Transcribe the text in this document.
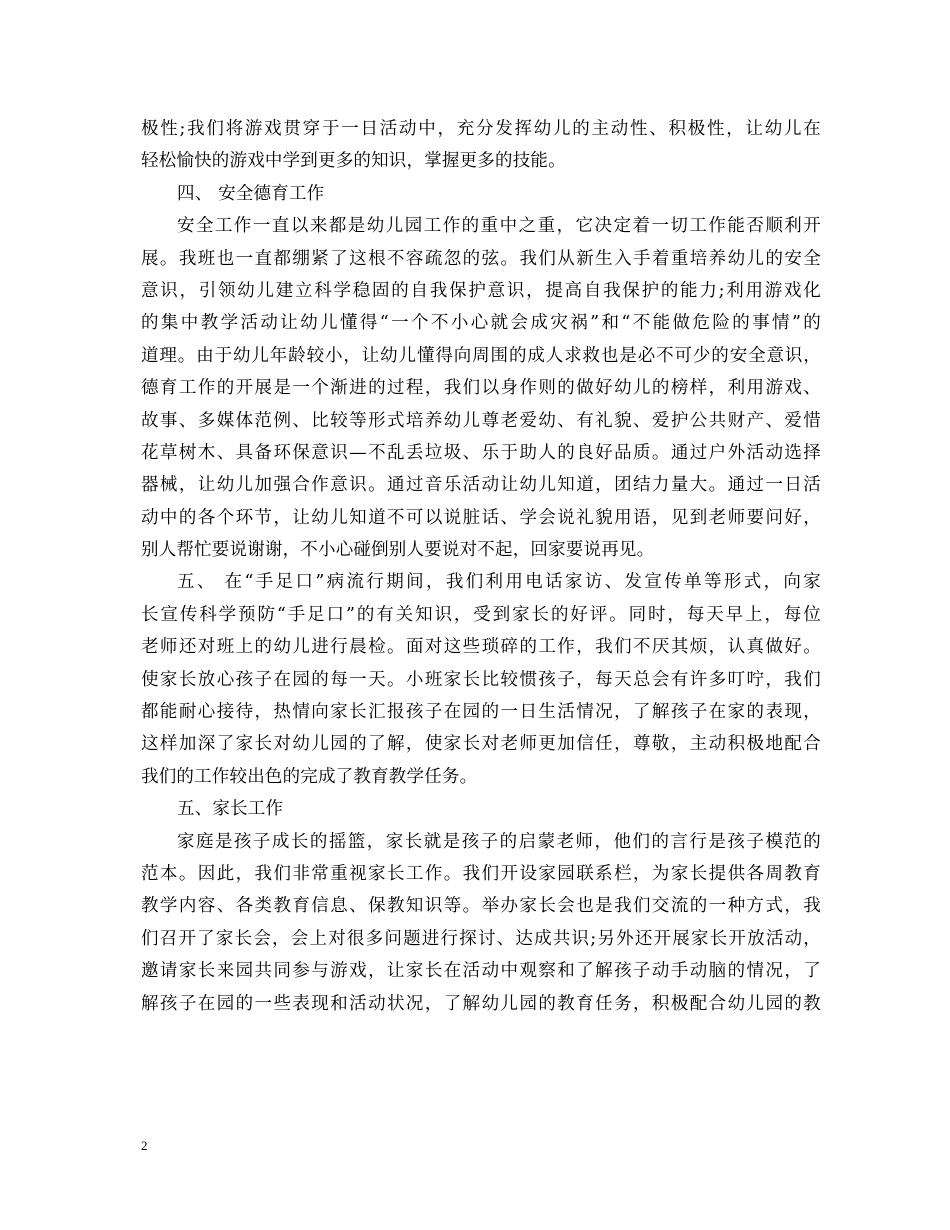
极性;我们将游戏贯穿于一日活动中，充分发挥幼儿的主动性、积极性，让幼儿在
轻松愉快的游戏中学到更多的知识，掌握更多的技能。
四、 安全德育工作
安全工作一直以来都是幼儿园工作的重中之重，它决定着一切工作能否顺利开
展。我班也一直都绷紧了这根不容疏忽的弦。我们从新生入手着重培养幼儿的安全
意识，引领幼儿建立科学稳固的自我保护意识，提高自我保护的能力;利用游戏化
的集中教学活动让幼儿懂得“一个不小心就会成灾祸”和“不能做危险的事情”的
道理。由于幼儿年龄较小，让幼儿懂得向周围的成人求救也是必不可少的安全意识，
德育工作的开展是一个渐进的过程，我们以身作则的做好幼儿的榜样，利用游戏、
故事、多媒体范例、比较等形式培养幼儿尊老爱幼、有礼貌、爱护公共财产、爱惜
花草树木、具备环保意识—不乱丢垃圾、乐于助人的良好品质。通过户外活动选择
器械，让幼儿加强合作意识。通过音乐活动让幼儿知道，团结力量大。通过一日活
动中的各个环节，让幼儿知道不可以说脏话、学会说礼貌用语，见到老师要问好，
别人帮忙要说谢谢，不小心碰倒别人要说对不起，回家要说再见。
五、 在“手足口”病流行期间，我们利用电话家访、发宣传单等形式，向家
长宣传科学预防“手足口”的有关知识，受到家长的好评。同时，每天早上，每位
老师还对班上的幼儿进行晨检。面对这些琐碎的工作，我们不厌其烦，认真做好。
使家长放心孩子在园的每一天。小班家长比较惯孩子，每天总会有许多叮咛，我们
都能耐心接待，热情向家长汇报孩子在园的一日生活情况，了解孩子在家的表现，
这样加深了家长对幼儿园的了解，使家长对老师更加信任，尊敬，主动积极地配合
我们的工作较出色的完成了教育教学任务。
五、家长工作
家庭是孩子成长的摇篮，家长就是孩子的启蒙老师，他们的言行是孩子模范的
范本。因此，我们非常重视家长工作。我们开设家园联系栏，为家长提供各周教育
教学内容、各类教育信息、保教知识等。举办家长会也是我们交流的一种方式，我
们召开了家长会，会上对很多问题进行探讨、达成共识;另外还开展家长开放活动，
邀请家长来园共同参与游戏，让家长在活动中观察和了解孩子动手动脑的情况，了
解孩子在园的一些表现和活动状况，了解幼儿园的教育任务，积极配合幼儿园的教
2
